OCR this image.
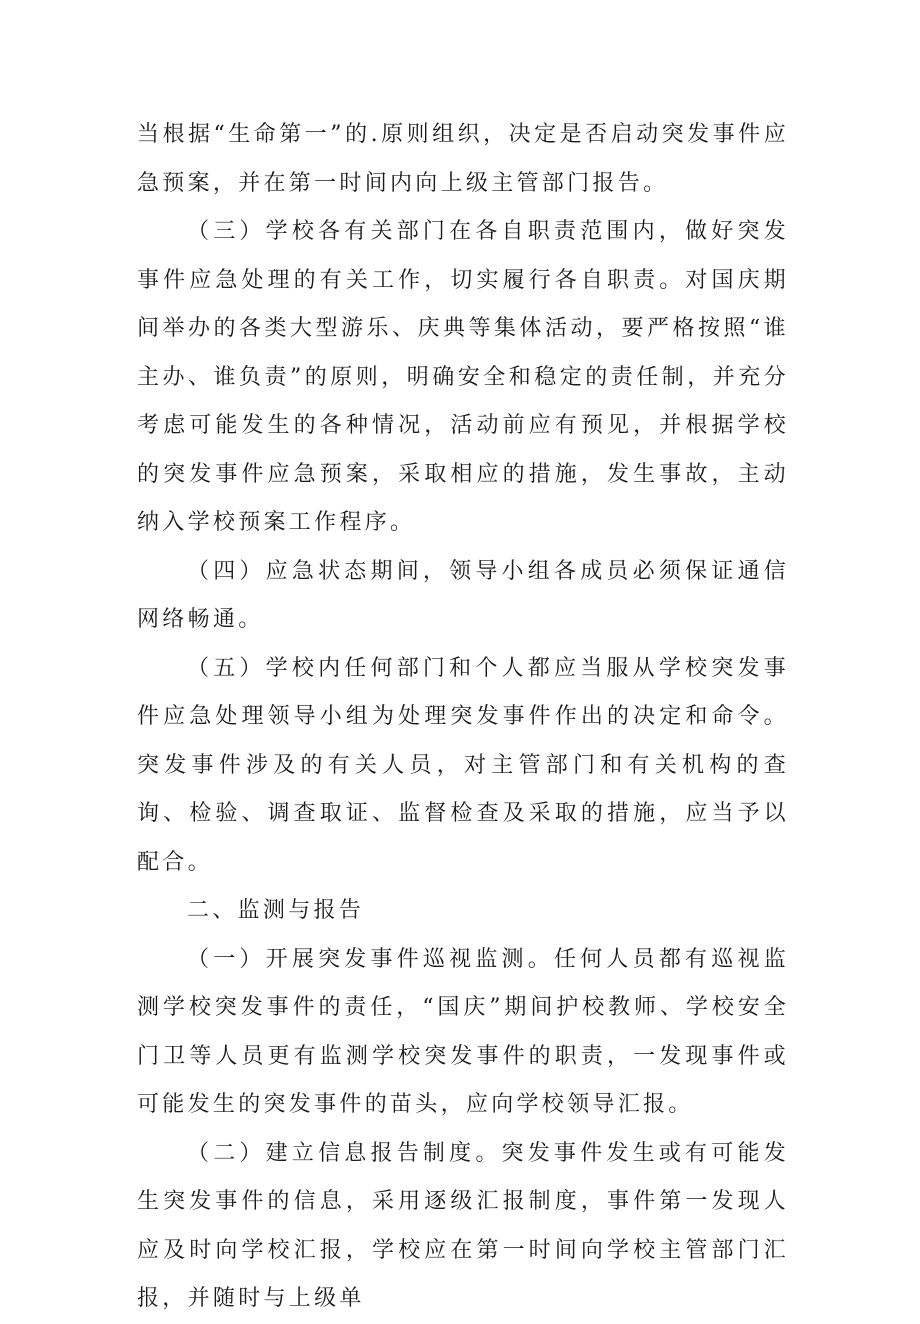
当根据“生命第一”的.原则组织，决定是否启动突发事件应急预案，并在第一时间内向上级主管部门报告。

（三）学校各有关部门在各自职责范围内，做好突发事件应急处理的有关工作，切实履行各自职责。对国庆期间举办的各类大型游乐、庆典等集体活动，要严格按照“谁主办、谁负责”的原则，明确安全和稳定的责任制，并充分考虑可能发生的各种情况，活动前应有预见，并根据学校的突发事件应急预案，采取相应的措施，发生事故，主动纳入学校预案工作程序。

（四）应急状态期间，领导小组各成员必须保证通信网络畅通。

（五）学校内任何部门和个人都应当服从学校突发事件应急处理领导小组为处理突发事件作出的决定和命令。突发事件涉及的有关人员，对主管部门和有关机构的查询、检验、调查取证、监督检查及采取的措施，应当予以配合。

二、监测与报告

（一）开展突发事件巡视监测。任何人员都有巡视监测学校突发事件的责任，“国庆”期间护校教师、学校安全门卫等人员更有监测学校突发事件的职责，一发现事件或可能发生的突发事件的苗头，应向学校领导汇报。

（二）建立信息报告制度。突发事件发生或有可能发生突发事件的信息，采用逐级汇报制度，事件第一发现人应及时向学校汇报，学校应在第一时间向学校主管部门汇报，并随时与上级单
